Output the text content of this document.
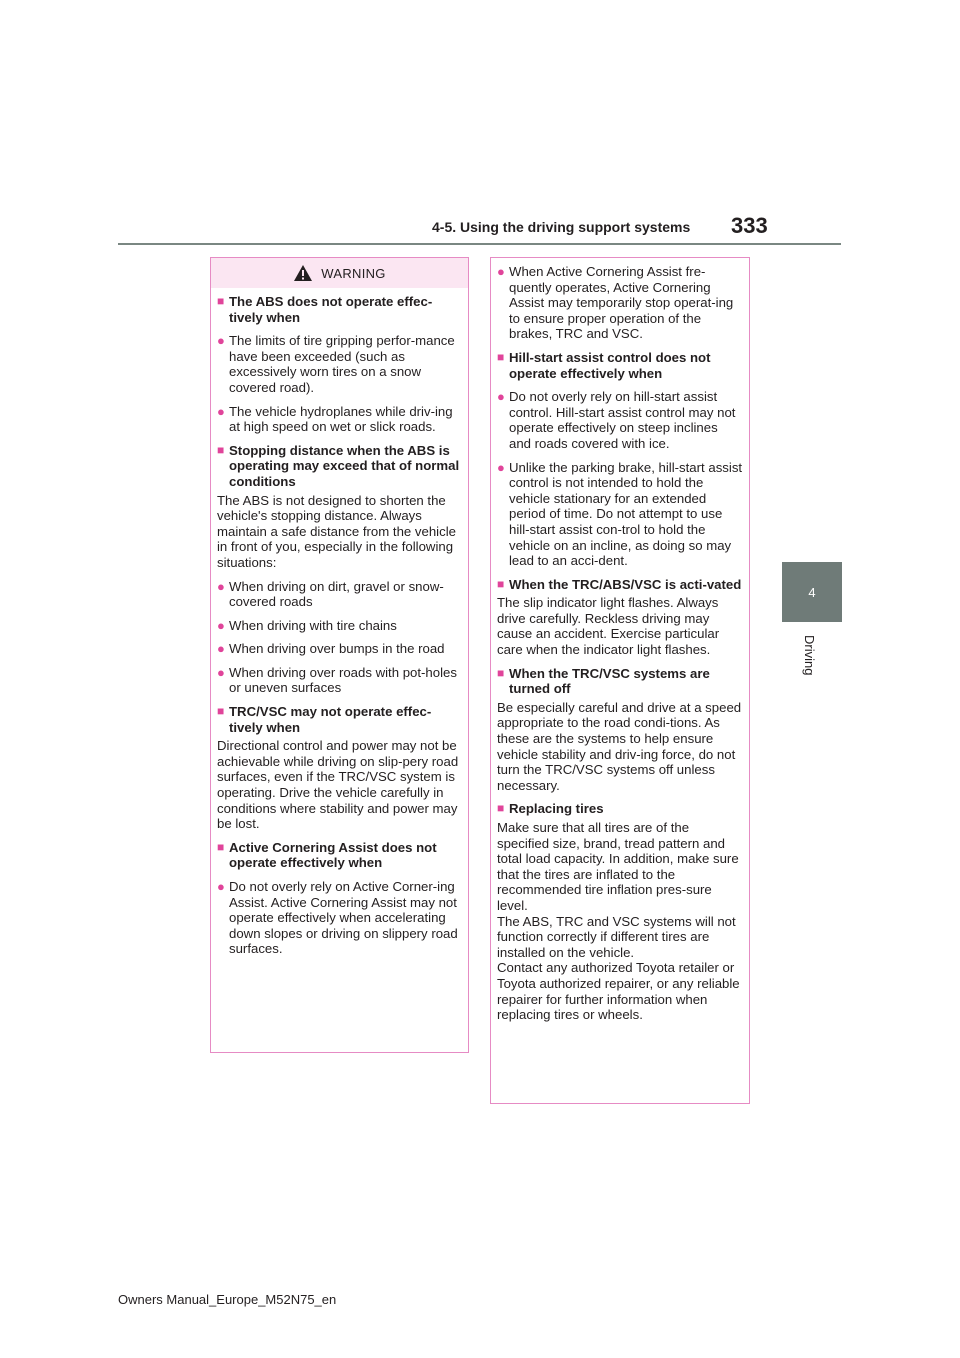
4-5. Using the driving support systems 333
4
Driving
WARNING
■ The ABS does not operate effec-tively when
● The limits of tire gripping perfor-mance have been exceeded (such as excessively worn tires on a snow covered road).
● The vehicle hydroplanes while driv-ing at high speed on wet or slick roads.
■ Stopping distance when the ABS is operating may exceed that of normal conditions
The ABS is not designed to shorten the vehicle's stopping distance. Always maintain a safe distance from the vehicle in front of you, especially in the following situations:
● When driving on dirt, gravel or snow-covered roads
● When driving with tire chains
● When driving over bumps in the road
● When driving over roads with pot-holes or uneven surfaces
■ TRC/VSC may not operate effec-tively when
Directional control and power may not be achievable while driving on slip-pery road surfaces, even if the TRC/VSC system is operating. Drive the vehicle carefully in conditions where stability and power may be lost.
■ Active Cornering Assist does not operate effectively when
● Do not overly rely on Active Corner-ing Assist. Active Cornering Assist may not operate effectively when accelerating down slopes or driving on slippery road surfaces.
● When Active Cornering Assist fre-quently operates, Active Cornering Assist may temporarily stop operat-ing to ensure proper operation of the brakes, TRC and VSC.
■ Hill-start assist control does not operate effectively when
● Do not overly rely on hill-start assist control. Hill-start assist control may not operate effectively on steep inclines and roads covered with ice.
● Unlike the parking brake, hill-start assist control is not intended to hold the vehicle stationary for an extended period of time. Do not attempt to use hill-start assist con-trol to hold the vehicle on an incline, as doing so may lead to an acci-dent.
■ When the TRC/ABS/VSC is acti-vated
The slip indicator light flashes. Always drive carefully. Reckless driving may cause an accident. Exercise particular care when the indicator light flashes.
■ When the TRC/VSC systems are turned off
Be especially careful and drive at a speed appropriate to the road condi-tions. As these are the systems to help ensure vehicle stability and driv-ing force, do not turn the TRC/VSC systems off unless necessary.
■ Replacing tires
Make sure that all tires are of the specified size, brand, tread pattern and total load capacity. In addition, make sure that the tires are inflated to the recommended tire inflation pres-sure level.
The ABS, TRC and VSC systems will not function correctly if different tires are installed on the vehicle.
Contact any authorized Toyota retailer or Toyota authorized repairer, or any reliable repairer for further information when replacing tires or wheels.
Owners Manual_Europe_M52N75_en
